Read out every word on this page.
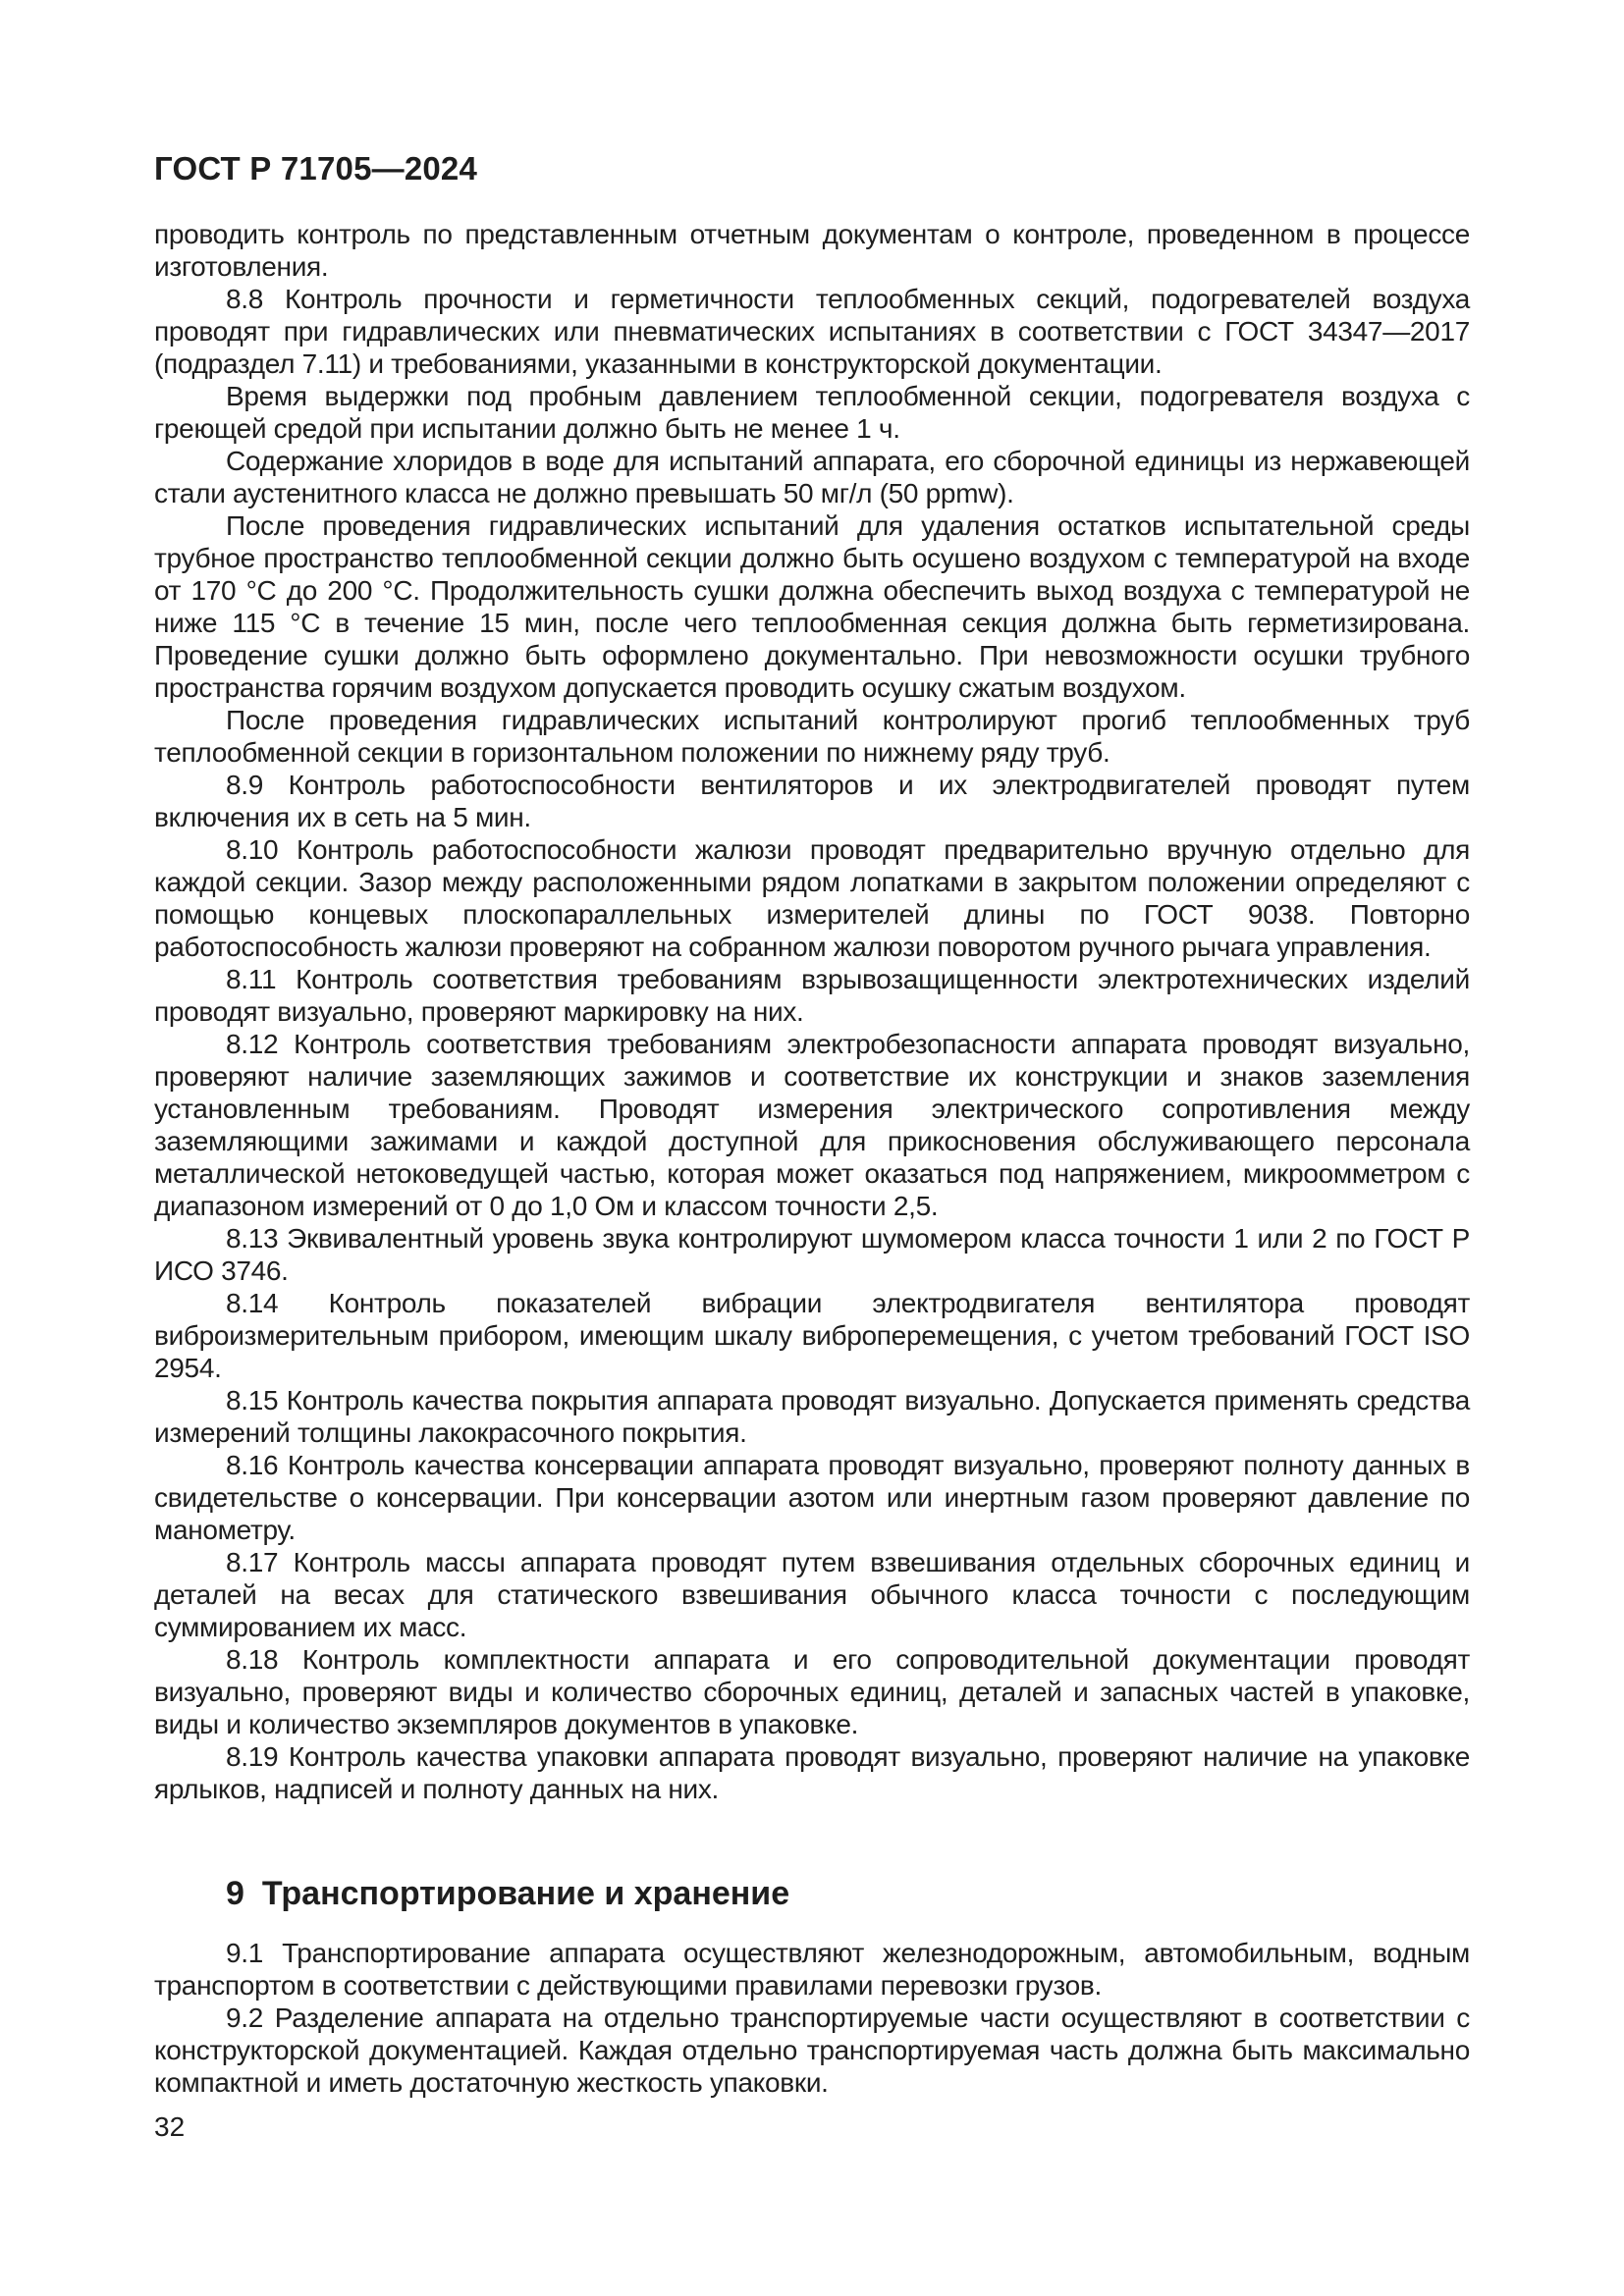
ГОСТ Р 71705—2024

проводить контроль по представленным отчетным документам о контроле, проведенном в процессе изготовления.

8.8 Контроль прочности и герметичности теплообменных секций, подогревателей воздуха проводят при гидравлических или пневматических испытаниях в соответствии с ГОСТ 34347—2017 (подраздел 7.11) и требованиями, указанными в конструкторской документации.

Время выдержки под пробным давлением теплообменной секции, подогревателя воздуха с греющей средой при испытании должно быть не менее 1 ч.

Содержание хлоридов в воде для испытаний аппарата, его сборочной единицы из нержавеющей стали аустенитного класса не должно превышать 50 мг/л (50 ppmw).

После проведения гидравлических испытаний для удаления остатков испытательной среды трубное пространство теплообменной секции должно быть осушено воздухом с температурой на входе от 170 °С до 200 °С. Продолжительность сушки должна обеспечить выход воздуха с температурой не ниже 115 °С в течение 15 мин, после чего теплообменная секция должна быть герметизирована. Проведение сушки должно быть оформлено документально. При невозможности осушки трубного пространства горячим воздухом допускается проводить осушку сжатым воздухом.

После проведения гидравлических испытаний контролируют прогиб теплообменных труб теплообменной секции в горизонтальном положении по нижнему ряду труб.

8.9 Контроль работоспособности вентиляторов и их электродвигателей проводят путем включения их в сеть на 5 мин.

8.10 Контроль работоспособности жалюзи проводят предварительно вручную отдельно для каждой секции. Зазор между расположенными рядом лопатками в закрытом положении определяют с помощью концевых плоскопараллельных измерителей длины по ГОСТ 9038. Повторно работоспособность жалюзи проверяют на собранном жалюзи поворотом ручного рычага управления.

8.11 Контроль соответствия требованиям взрывозащищенности электротехнических изделий проводят визуально, проверяют маркировку на них.

8.12 Контроль соответствия требованиям электробезопасности аппарата проводят визуально, проверяют наличие заземляющих зажимов и соответствие их конструкции и знаков заземления установленным требованиям. Проводят измерения электрического сопротивления между заземляющими зажимами и каждой доступной для прикосновения обслуживающего персонала металлической нетоковедущей частью, которая может оказаться под напряжением, микроомметром с диапазоном измерений от 0 до 1,0 Ом и классом точности 2,5.

8.13 Эквивалентный уровень звука контролируют шумомером класса точности 1 или 2 по ГОСТ Р ИСО 3746.

8.14 Контроль показателей вибрации электродвигателя вентилятора проводят виброизмерительным прибором, имеющим шкалу виброперемещения, с учетом требований ГОСТ ISO 2954.

8.15 Контроль качества покрытия аппарата проводят визуально. Допускается применять средства измерений толщины лакокрасочного покрытия.

8.16 Контроль качества консервации аппарата проводят визуально, проверяют полноту данных в свидетельстве о консервации. При консервации азотом или инертным газом проверяют давление по манометру.

8.17 Контроль массы аппарата проводят путем взвешивания отдельных сборочных единиц и деталей на весах для статического взвешивания обычного класса точности с последующим суммированием их масс.

8.18 Контроль комплектности аппарата и его сопроводительной документации проводят визуально, проверяют виды и количество сборочных единиц, деталей и запасных частей в упаковке, виды и количество экземпляров документов в упаковке.

8.19 Контроль качества упаковки аппарата проводят визуально, проверяют наличие на упаковке ярлыков, надписей и полноту данных на них.

9 Транспортирование и хранение

9.1 Транспортирование аппарата осуществляют железнодорожным, автомобильным, водным транспортом в соответствии с действующими правилами перевозки грузов.

9.2 Разделение аппарата на отдельно транспортируемые части осуществляют в соответствии с конструкторской документацией. Каждая отдельно транспортируемая часть должна быть максимально компактной и иметь достаточную жесткость упаковки.

32
